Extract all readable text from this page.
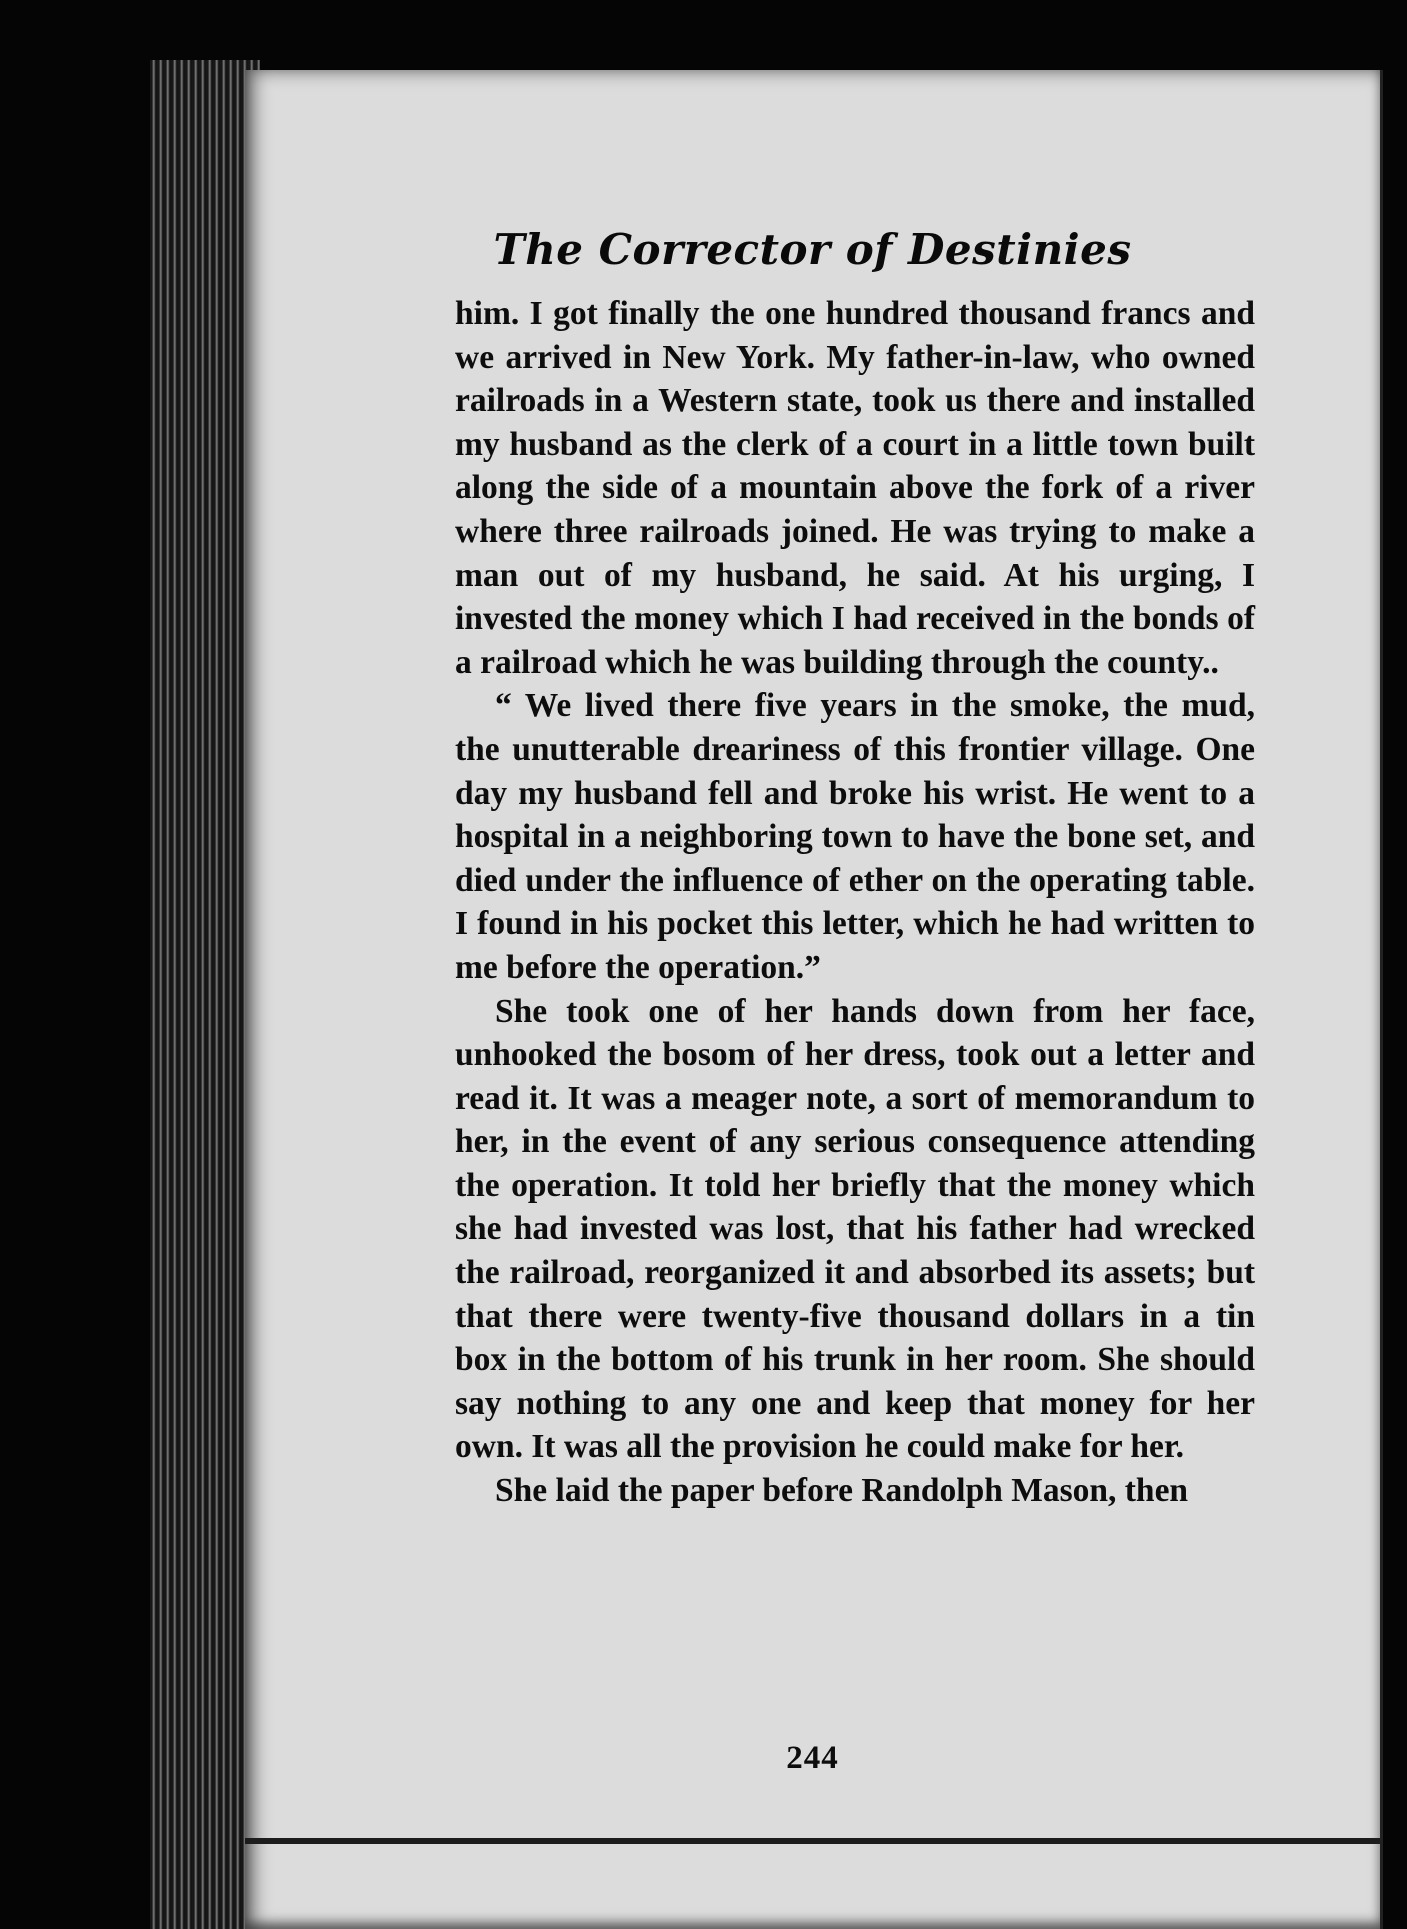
The Corrector of Destinies

him. I got finally the one hundred thousand francs and we arrived in New York. My father-in-law, who owned railroads in a Western state, took us there and installed my husband as the clerk of a court in a little town built along the side of a mountain above the fork of a river where three railroads joined. He was trying to make a man out of my husband, he said. At his urging, I invested the money which I had received in the bonds of a railroad which he was building through the county..

“ We lived there five years in the smoke, the mud, the unutterable dreariness of this frontier village. One day my husband fell and broke his wrist. He went to a hospital in a neighboring town to have the bone set, and died under the influence of ether on the operating table. I found in his pocket this letter, which he had written to me before the operation.”

She took one of her hands down from her face, unhooked the bosom of her dress, took out a letter and read it. It was a meager note, a sort of memorandum to her, in the event of any serious consequence attending the operation. It told her briefly that the money which she had invested was lost, that his father had wrecked the railroad, reorganized it and absorbed its assets; but that there were twenty-five thousand dollars in a tin box in the bottom of his trunk in her room. She should say nothing to any one and keep that money for her own. It was all the provision he could make for her.

She laid the paper before Randolph Mason, then

244
